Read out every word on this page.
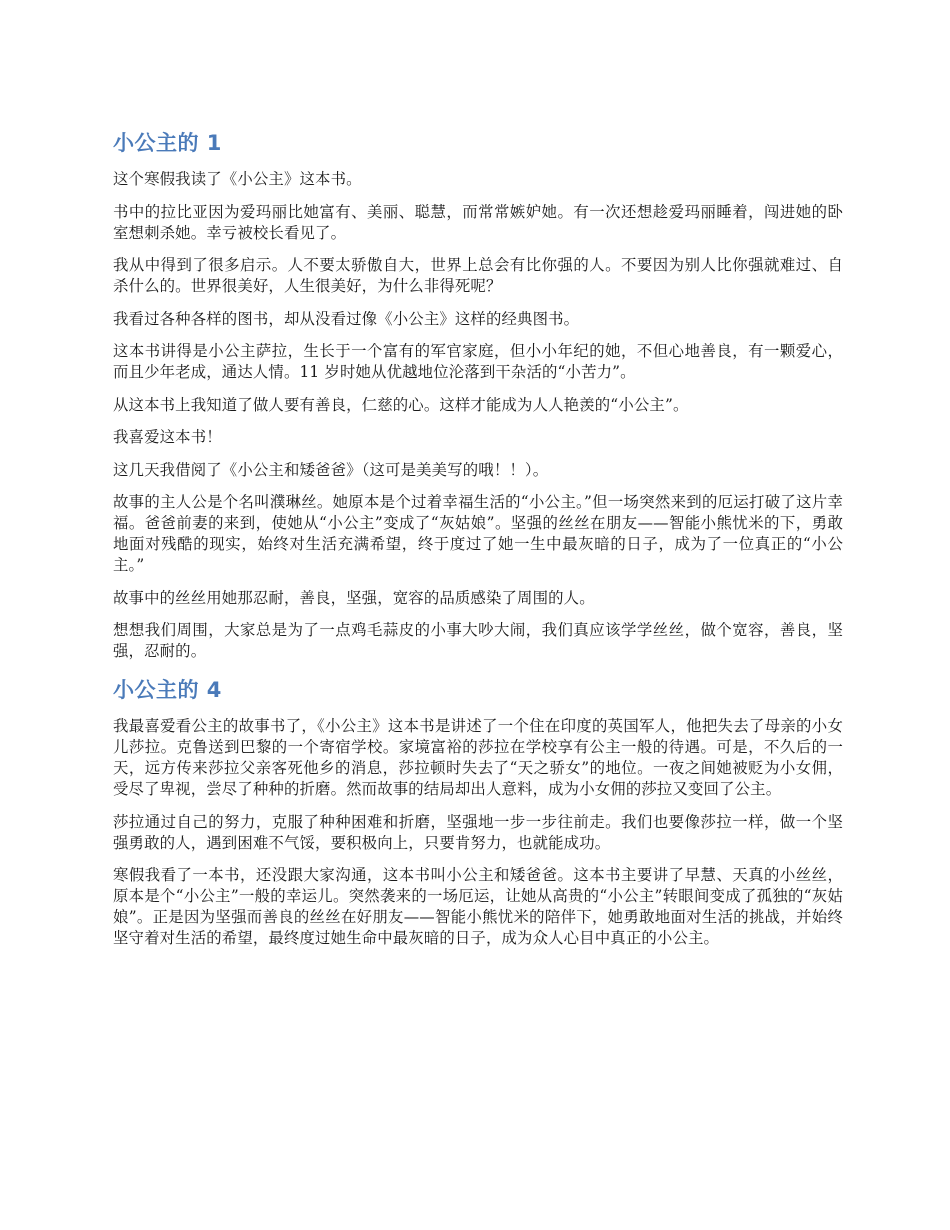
小公主的 1

这个寒假我读了《小公主》这本书。

书中的拉比亚因为爱玛丽比她富有、美丽、聪慧，而常常嫉妒她。有一次还想趁爱玛丽睡着，闯进她的卧室想刺杀她。幸亏被校长看见了。

我从中得到了很多启示。人不要太骄傲自大，世界上总会有比你强的人。不要因为别人比你强就难过、自杀什么的。世界很美好，人生很美好，为什么非得死呢？

我看过各种各样的图书，却从没看过像《小公主》这样的经典图书。

这本书讲得是小公主萨拉，生长于一个富有的军官家庭，但小小年纪的她，不但心地善良，有一颗爱心，而且少年老成，通达人情。11 岁时她从优越地位沦落到干杂活的“小苦力”。

从这本书上我知道了做人要有善良，仁慈的心。这样才能成为人人艳羡的“小公主”。

我喜爱这本书！

这几天我借阅了《小公主和矮爸爸》（这可是美美写的哦！！）。

故事的主人公是个名叫濮琳丝。她原本是个过着幸福生活的“小公主。”但一场突然来到的厄运打破了这片幸福。爸爸前妻的来到，使她从“小公主”变成了“灰姑娘”。坚强的丝丝在朋友——智能小熊忧米的下，勇敢地面对残酷的现实，始终对生活充满希望，终于度过了她一生中最灰暗的日子，成为了一位真正的“小公主。”

故事中的丝丝用她那忍耐，善良，坚强，宽容的品质感染了周围的人。

想想我们周围，大家总是为了一点鸡毛蒜皮的小事大吵大闹，我们真应该学学丝丝，做个宽容，善良，坚强，忍耐的。

小公主的 4

我最喜爱看公主的故事书了，《小公主》这本书是讲述了一个住在印度的英国军人，他把失去了母亲的小女儿莎拉。克鲁送到巴黎的一个寄宿学校。家境富裕的莎拉在学校享有公主一般的待遇。可是，不久后的一天，远方传来莎拉父亲客死他乡的消息，莎拉顿时失去了“天之骄女”的地位。一夜之间她被贬为小女佣，受尽了卑视，尝尽了种种的折磨。然而故事的结局却出人意料，成为小女佣的莎拉又变回了公主。

莎拉通过自己的努力，克服了种种困难和折磨，坚强地一步一步往前走。我们也要像莎拉一样，做一个坚强勇敢的人，遇到困难不气馁，要积极向上，只要肯努力，也就能成功。

寒假我看了一本书，还没跟大家沟通，这本书叫小公主和矮爸爸。这本书主要讲了早慧、天真的小丝丝，原本是个“小公主”一般的幸运儿。突然袭来的一场厄运，让她从高贵的“小公主”转眼间变成了孤独的“灰姑娘”。正是因为坚强而善良的丝丝在好朋友——智能小熊忧米的陪伴下，她勇敢地面对生活的挑战，并始终坚守着对生活的希望，最终度过她生命中最灰暗的日子，成为众人心目中真正的小公主。
